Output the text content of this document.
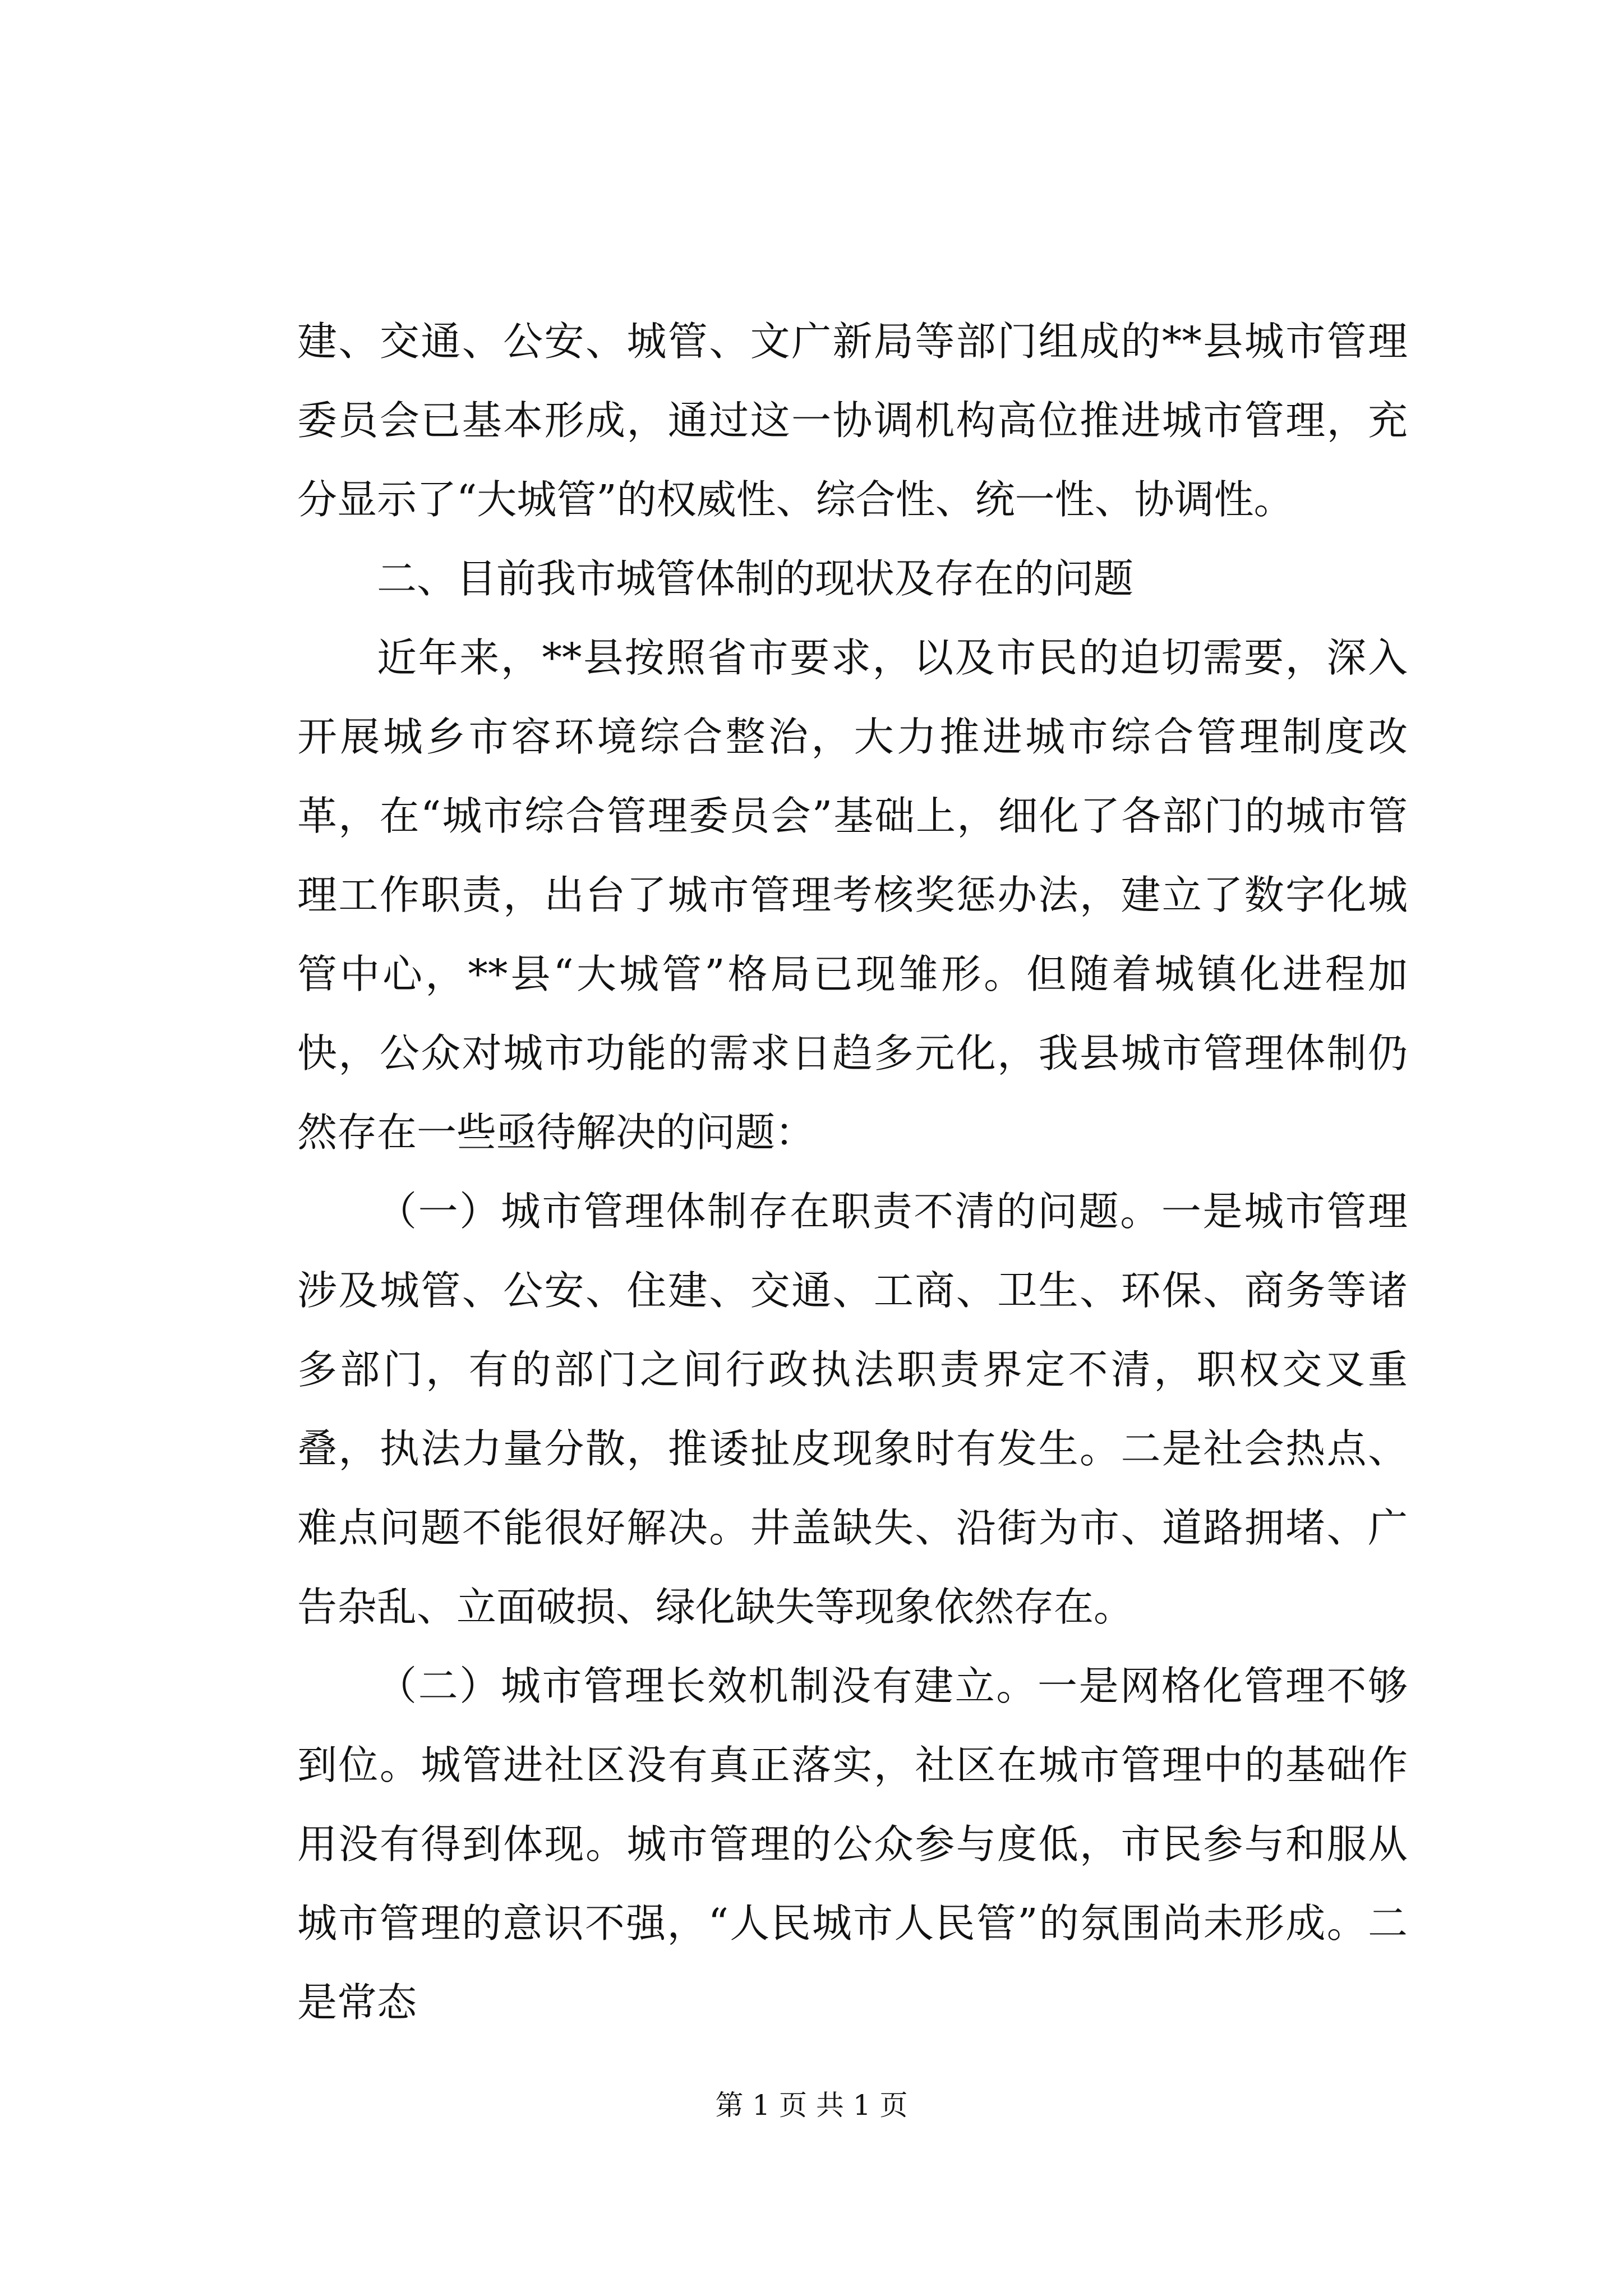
建、交通、公安、城管、文广新局等部门组成的**县城市管理委员会已基本形成，通过这一协调机构高位推进城市管理，充分显示了“大城管”的权威性、综合性、统一性、协调性。

二、目前我市城管体制的现状及存在的问题

近年来，**县按照省市要求，以及市民的迫切需要，深入开展城乡市容环境综合整治，大力推进城市综合管理制度改革，在“城市综合管理委员会”基础上，细化了各部门的城市管理工作职责，出台了城市管理考核奖惩办法，建立了数字化城管中心，**县“大城管”格局已现雏形。但随着城镇化进程加快，公众对城市功能的需求日趋多元化，我县城市管理体制仍然存在一些亟待解决的问题：

（一）城市管理体制存在职责不清的问题。一是城市管理涉及城管、公安、住建、交通、工商、卫生、环保、商务等诸多部门，有的部门之间行政执法职责界定不清，职权交叉重叠，执法力量分散，推诿扯皮现象时有发生。二是社会热点、难点问题不能很好解决。井盖缺失、沿街为市、道路拥堵、广告杂乱、立面破损、绿化缺失等现象依然存在。

（二）城市管理长效机制没有建立。一是网格化管理不够到位。城管进社区没有真正落实，社区在城市管理中的基础作用没有得到体现。城市管理的公众参与度低，市民参与和服从城市管理的意识不强，“人民城市人民管”的氛围尚未形成。二是常态

第 1 页 共 1 页
